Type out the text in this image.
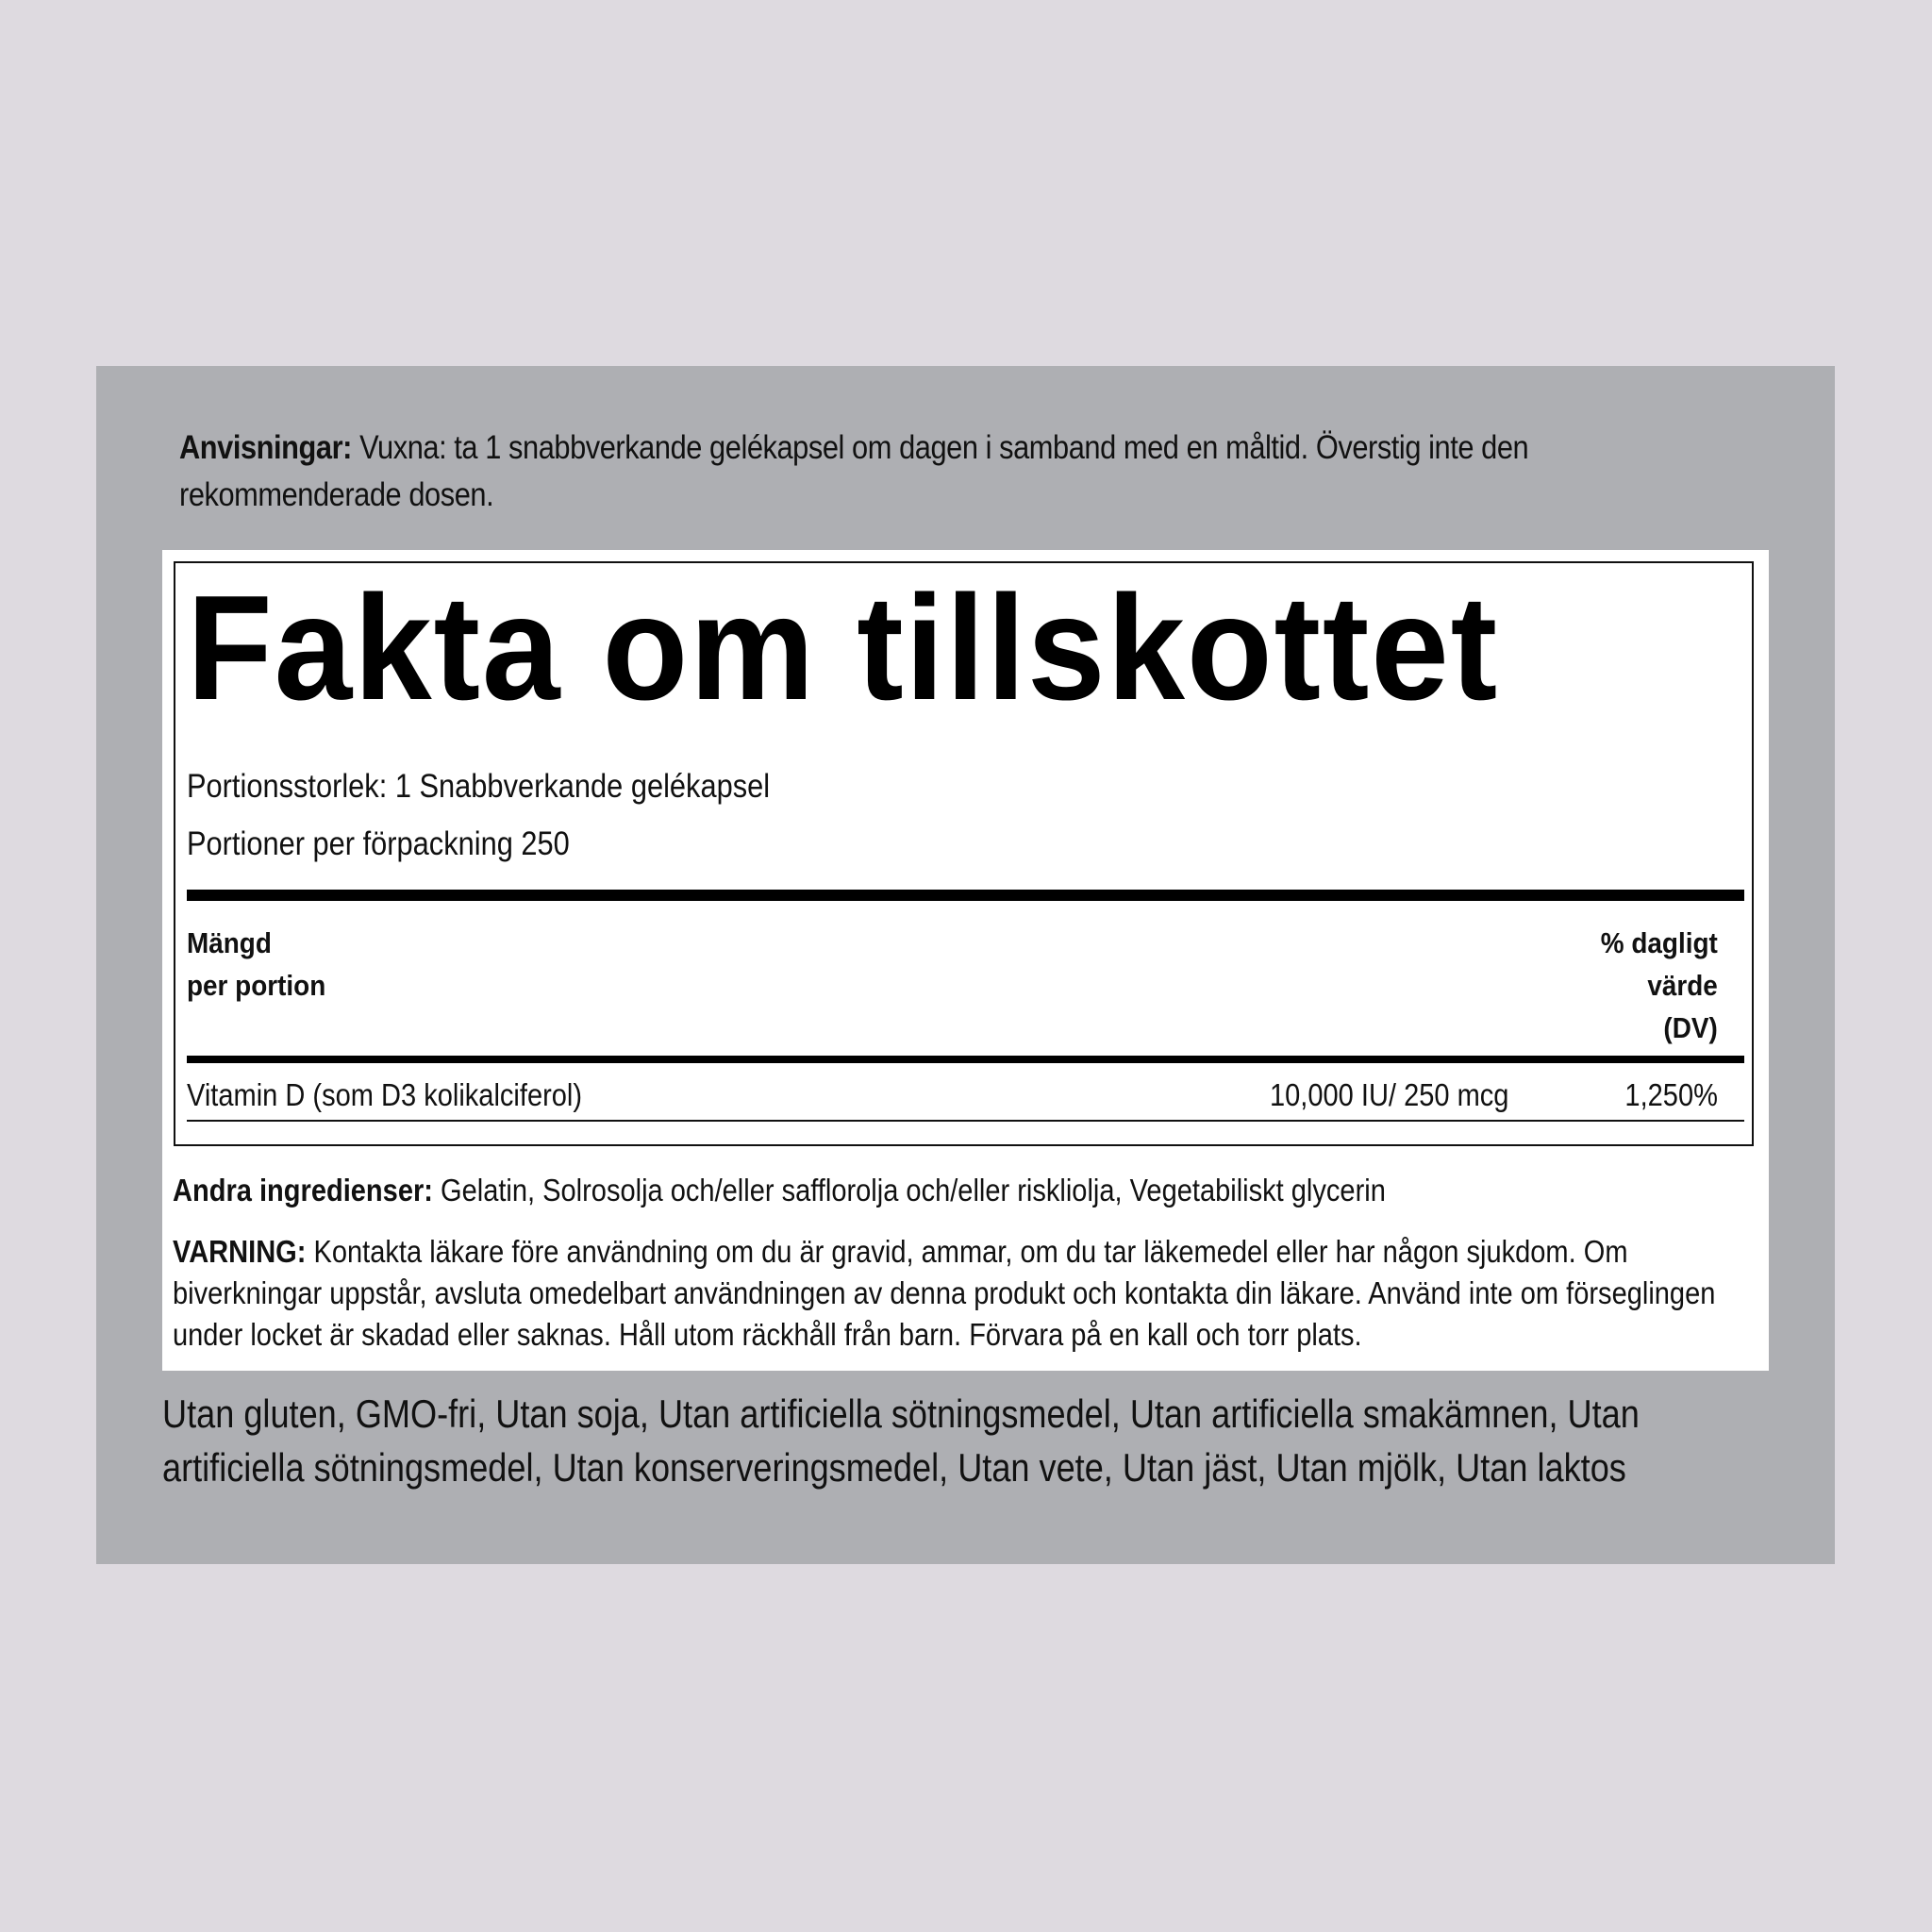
Anvisningar: Vuxna: ta 1 snabbverkande gelékapsel om dagen i samband med en måltid. Överstig inte den rekommenderade dosen.
Fakta om tillskottet
Portionsstorlek: 1 Snabbverkande gelékapsel
Portioner per förpackning 250
Mängd
per portion
% dagligt
värde
(DV)
Vitamin D (som D3 kolikalciferol)	10,000 IU/ 250 mcg	1,250%
Andra ingredienser: Gelatin, Solrosolja och/eller safflorolja och/eller riskliolja, Vegetabiliskt glycerin
VARNING: Kontakta läkare före användning om du är gravid, ammar, om du tar läkemedel eller har någon sjukdom. Om biverkningar uppstår, avsluta omedelbart användningen av denna produkt och kontakta din läkare. Använd inte om förseglingen under locket är skadad eller saknas. Håll utom räckhåll från barn. Förvara på en kall och torr plats.
Utan gluten, GMO-fri, Utan soja, Utan artificiella sötningsmedel, Utan artificiella smakämnen, Utan artificiella sötningsmedel, Utan konserveringsmedel, Utan vete, Utan jäst, Utan mjölk, Utan laktos
